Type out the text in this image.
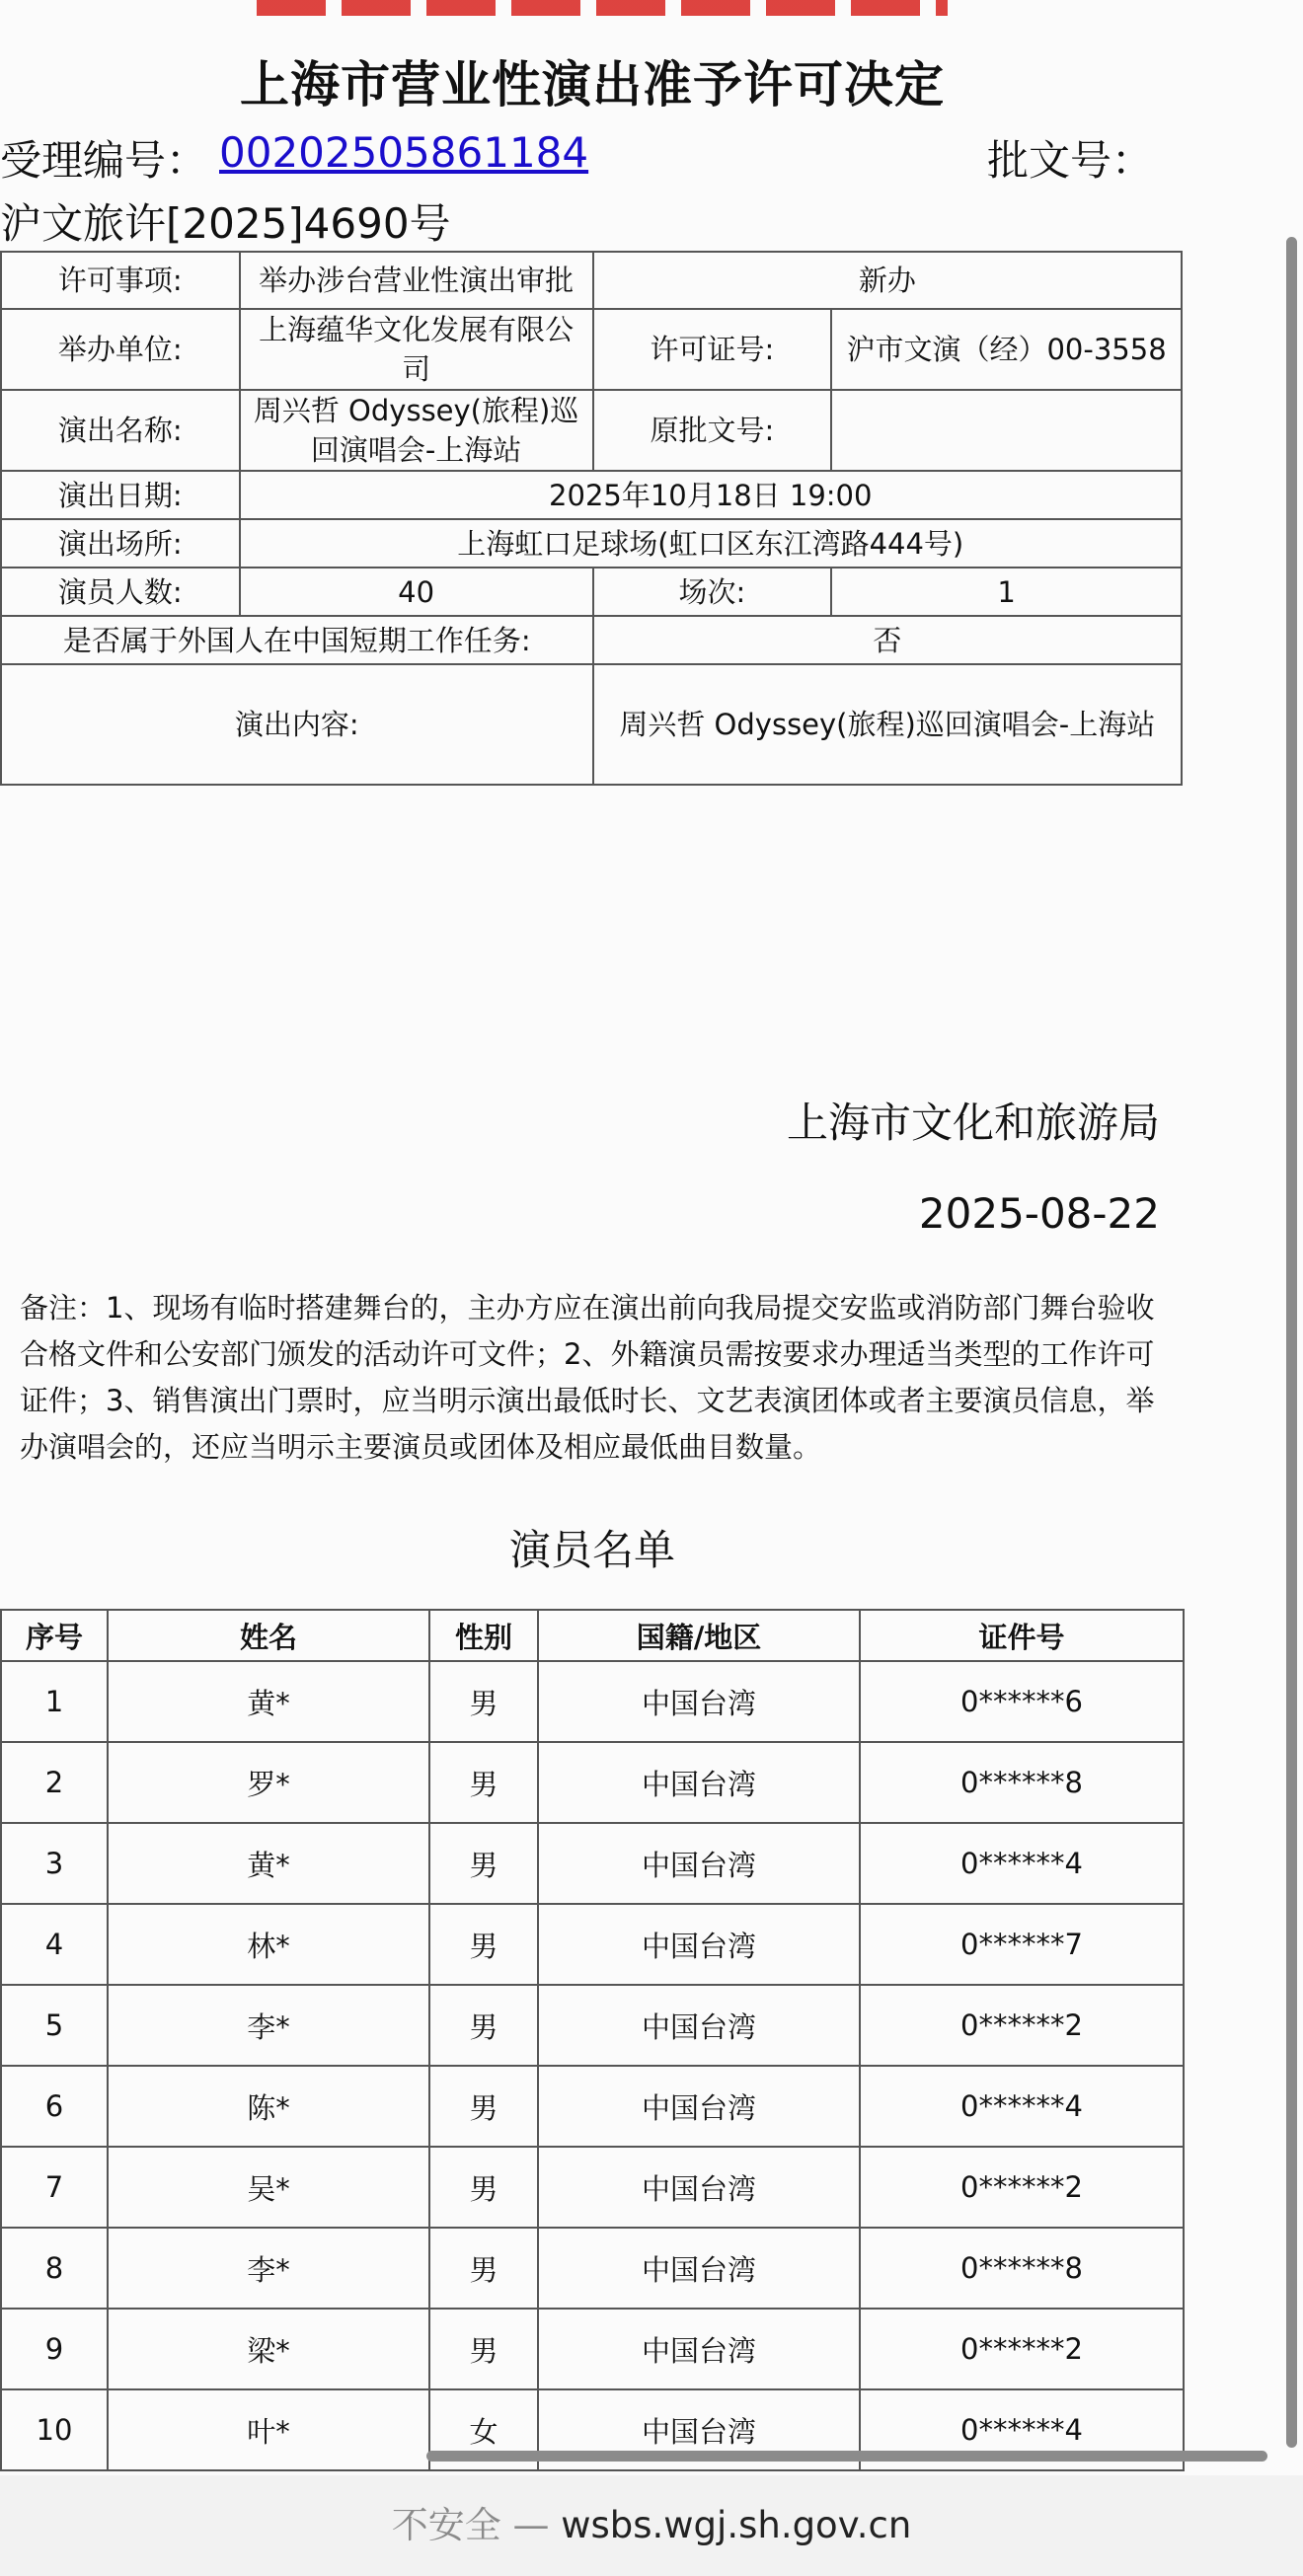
上海市营业性演出准予许可决定
受理编号： 00202505861184	批文号：
沪文旅许[2025]4690号
许可事项:	举办涉台营业性演出审批	新办	
举办单位:	上海蕴华文化发展有限公司	许可证号:	沪市文演（经）00-3558
演出名称:	周兴哲 Odyssey(旅程)巡回演唱会-上海站	原批文号:	
演出日期:	2025年10月18日 19:00		
演出场所:	上海虹口足球场(虹口区东江湾路444号)		
演员人数:	40	场次:	1
是否属于外国人在中国短期工作任务:		否	
演出内容:		周兴哲 Odyssey(旅程)巡回演唱会-上海站	
上海市文化和旅游局
2025-08-22
备注：1、现场有临时搭建舞台的，主办方应在演出前向我局提交安监或消防部门舞台验收合格文件和公安部门颁发的活动许可文件；2、外籍演员需按要求办理适当类型的工作许可证件；3、销售演出门票时，应当明示演出最低时长、文艺表演团体或者主要演员信息，举办演唱会的，还应当明示主要演员或团体及相应最低曲目数量。
演员名单
序号	姓名	性别	国籍/地区	证件号
1	黄*	男	中国台湾	0******6
2	罗*	男	中国台湾	0******8
3	黄*	男	中国台湾	0******4
4	林*	男	中国台湾	0******7
5	李*	男	中国台湾	0******2
6	陈*	男	中国台湾	0******4
7	吴*	男	中国台湾	0******2
8	李*	男	中国台湾	0******8
9	梁*	男	中国台湾	0******2
10	叶*	女	中国台湾	0******4
不安全 — wsbs.wgj.sh.gov.cn
